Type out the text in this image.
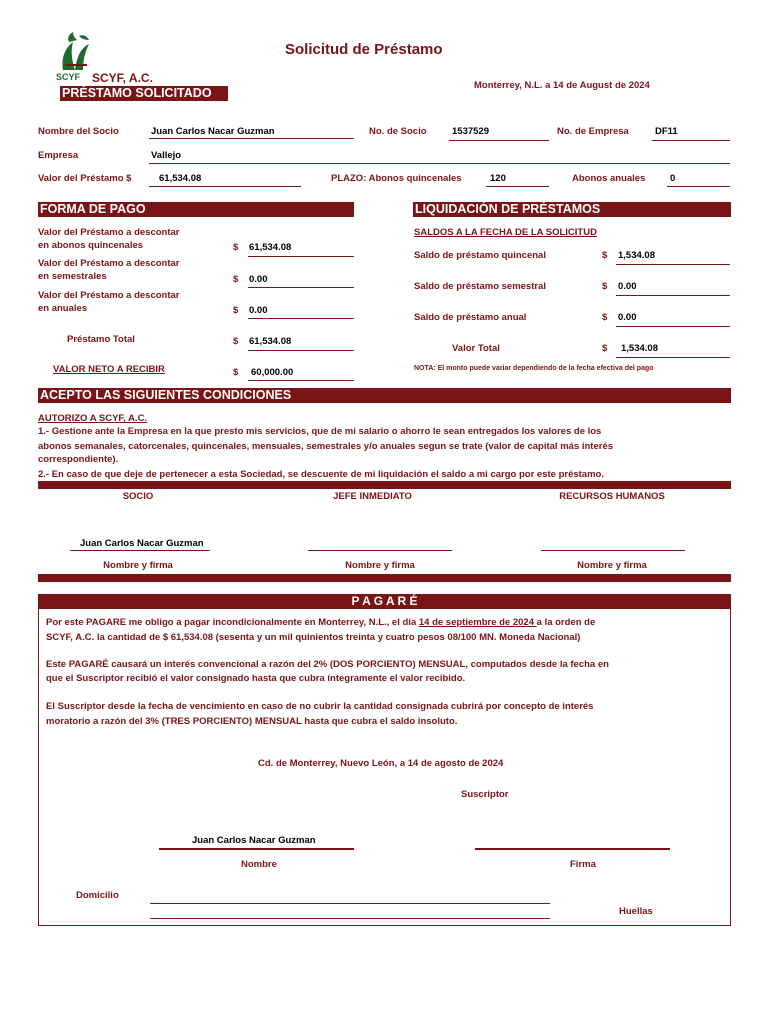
SCYF
Solicitud de Préstamo
SCYF, A.C.
PRÉSTAMO SOLICITADO
Monterrey, N.L. a 14 de August de 2024
Nombre del Socio	Juan Carlos Nacar Guzman	No. de Socio	1537529	No. de Empresa	DF11
Empresa	Vallejo
Valor del Préstamo $	61,534.08	PLAZO: Abonos quincenales	120	Abonos anuales	0
FORMA DE PAGO
Valor del Préstamo a descontar
en abonos quincenales	$ 61,534.08
Valor del Préstamo a descontar
en semestrales	$ 0.00
Valor del Préstamo a descontar
en anuales	$ 0.00
Préstamo Total	$ 61,534.08
VALOR NETO A RECIBIR	$ 60,000.00
LIQUIDACIÓN DE PRÉSTAMOS
SALDOS A LA FECHA DE LA SOLICITUD
Saldo de préstamo quincenal	$ 1,534.08
Saldo de préstamo semestral	$ 0.00
Saldo de préstamo anual	$ 0.00
Valor Total	$ 1,534.08
NOTA: El monto puede variar dependiendo de la fecha efectiva del pago
ACEPTO LAS SIGUIENTES CONDICIONES
AUTORIZO A SCYF, A.C.
1.- Gestione ante la Empresa en la que presto mis servicios, que de mi salario o ahorro le sean entregados los valores de los
abonos semanales, catorcenales, quincenales, mensuales, semestrales y/o anuales segun se trate (valor de capital más interés
correspondiente).
2.- En caso de que deje de pertenecer a esta Sociedad, se descuente de mi liquidación el saldo a mi cargo por este préstamo.
SOCIO	JEFE INMEDIATO	RECURSOS HUMANOS
Juan Carlos Nacar Guzman
Nombre y firma	Nombre y firma	Nombre y firma
P A G A R É
Por este PAGARE me obligo a pagar incondicionalmente en Monterrey, N.L., el día 14 de septiembre de 2024 a la orden de
SCYF, A.C. la cantidad de $ 61,534.08 (sesenta y un mil quinientos treinta y cuatro pesos 08/100 MN. Moneda Nacional)
Este PAGARÉ causará un interés convencional a razón del 2% (DOS PORCIENTO) MENSUAL, computados desde la fecha en
que el Suscriptor recibió el valor consignado hasta que cubra íntegramente el valor recibido.
El Suscriptor desde la fecha de vencimiento en caso de no cubrir la cantidad consignada cubrirá por concepto de interés
moratorio a razón del 3% (TRES PORCIENTO) MENSUAL hasta que cubra el saldo insoluto.
Cd. de Monterrey, Nuevo León, a 14 de agosto de 2024
Suscriptor
Juan Carlos Nacar Guzman
Nombre	Firma
Domicilio
Huellas
